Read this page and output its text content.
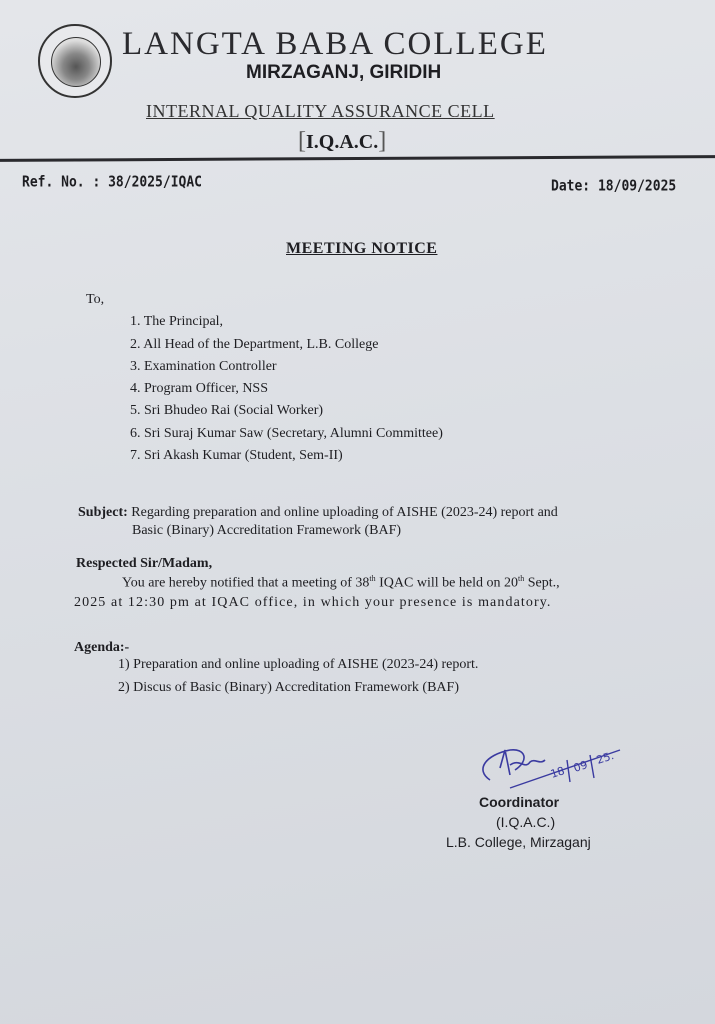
LANGTA BABA COLLEGE
MIRZAGANJ, GIRIDIH
INTERNAL QUALITY ASSURANCE CELL
[I.Q.A.C.]
Ref. No. : 38/2025/IQAC	Date: 18/09/2025
MEETING NOTICE
To,
1. The Principal,
2. All Head of the Department, L.B. College
3. Examination Controller
4. Program Officer, NSS
5. Sri Bhudeo Rai (Social Worker)
6. Sri Suraj Kumar Saw (Secretary, Alumni Committee)
7. Sri Akash Kumar (Student, Sem-II)
Subject: Regarding preparation and online uploading of AISHE (2023-24) report and
Basic (Binary) Accreditation Framework (BAF)
Respected Sir/Madam,
You are hereby notified that a meeting of 38th IQAC will be held on 20th Sept.,
2025 at 12:30 pm at IQAC office, in which your presence is mandatory.
Agenda:-
1) Preparation and online uploading of AISHE (2023-24) report.
2) Discus of Basic (Binary) Accreditation Framework (BAF)
18 09 25.
Coordinator
(I.Q.A.C.)
L.B. College, Mirzaganj
